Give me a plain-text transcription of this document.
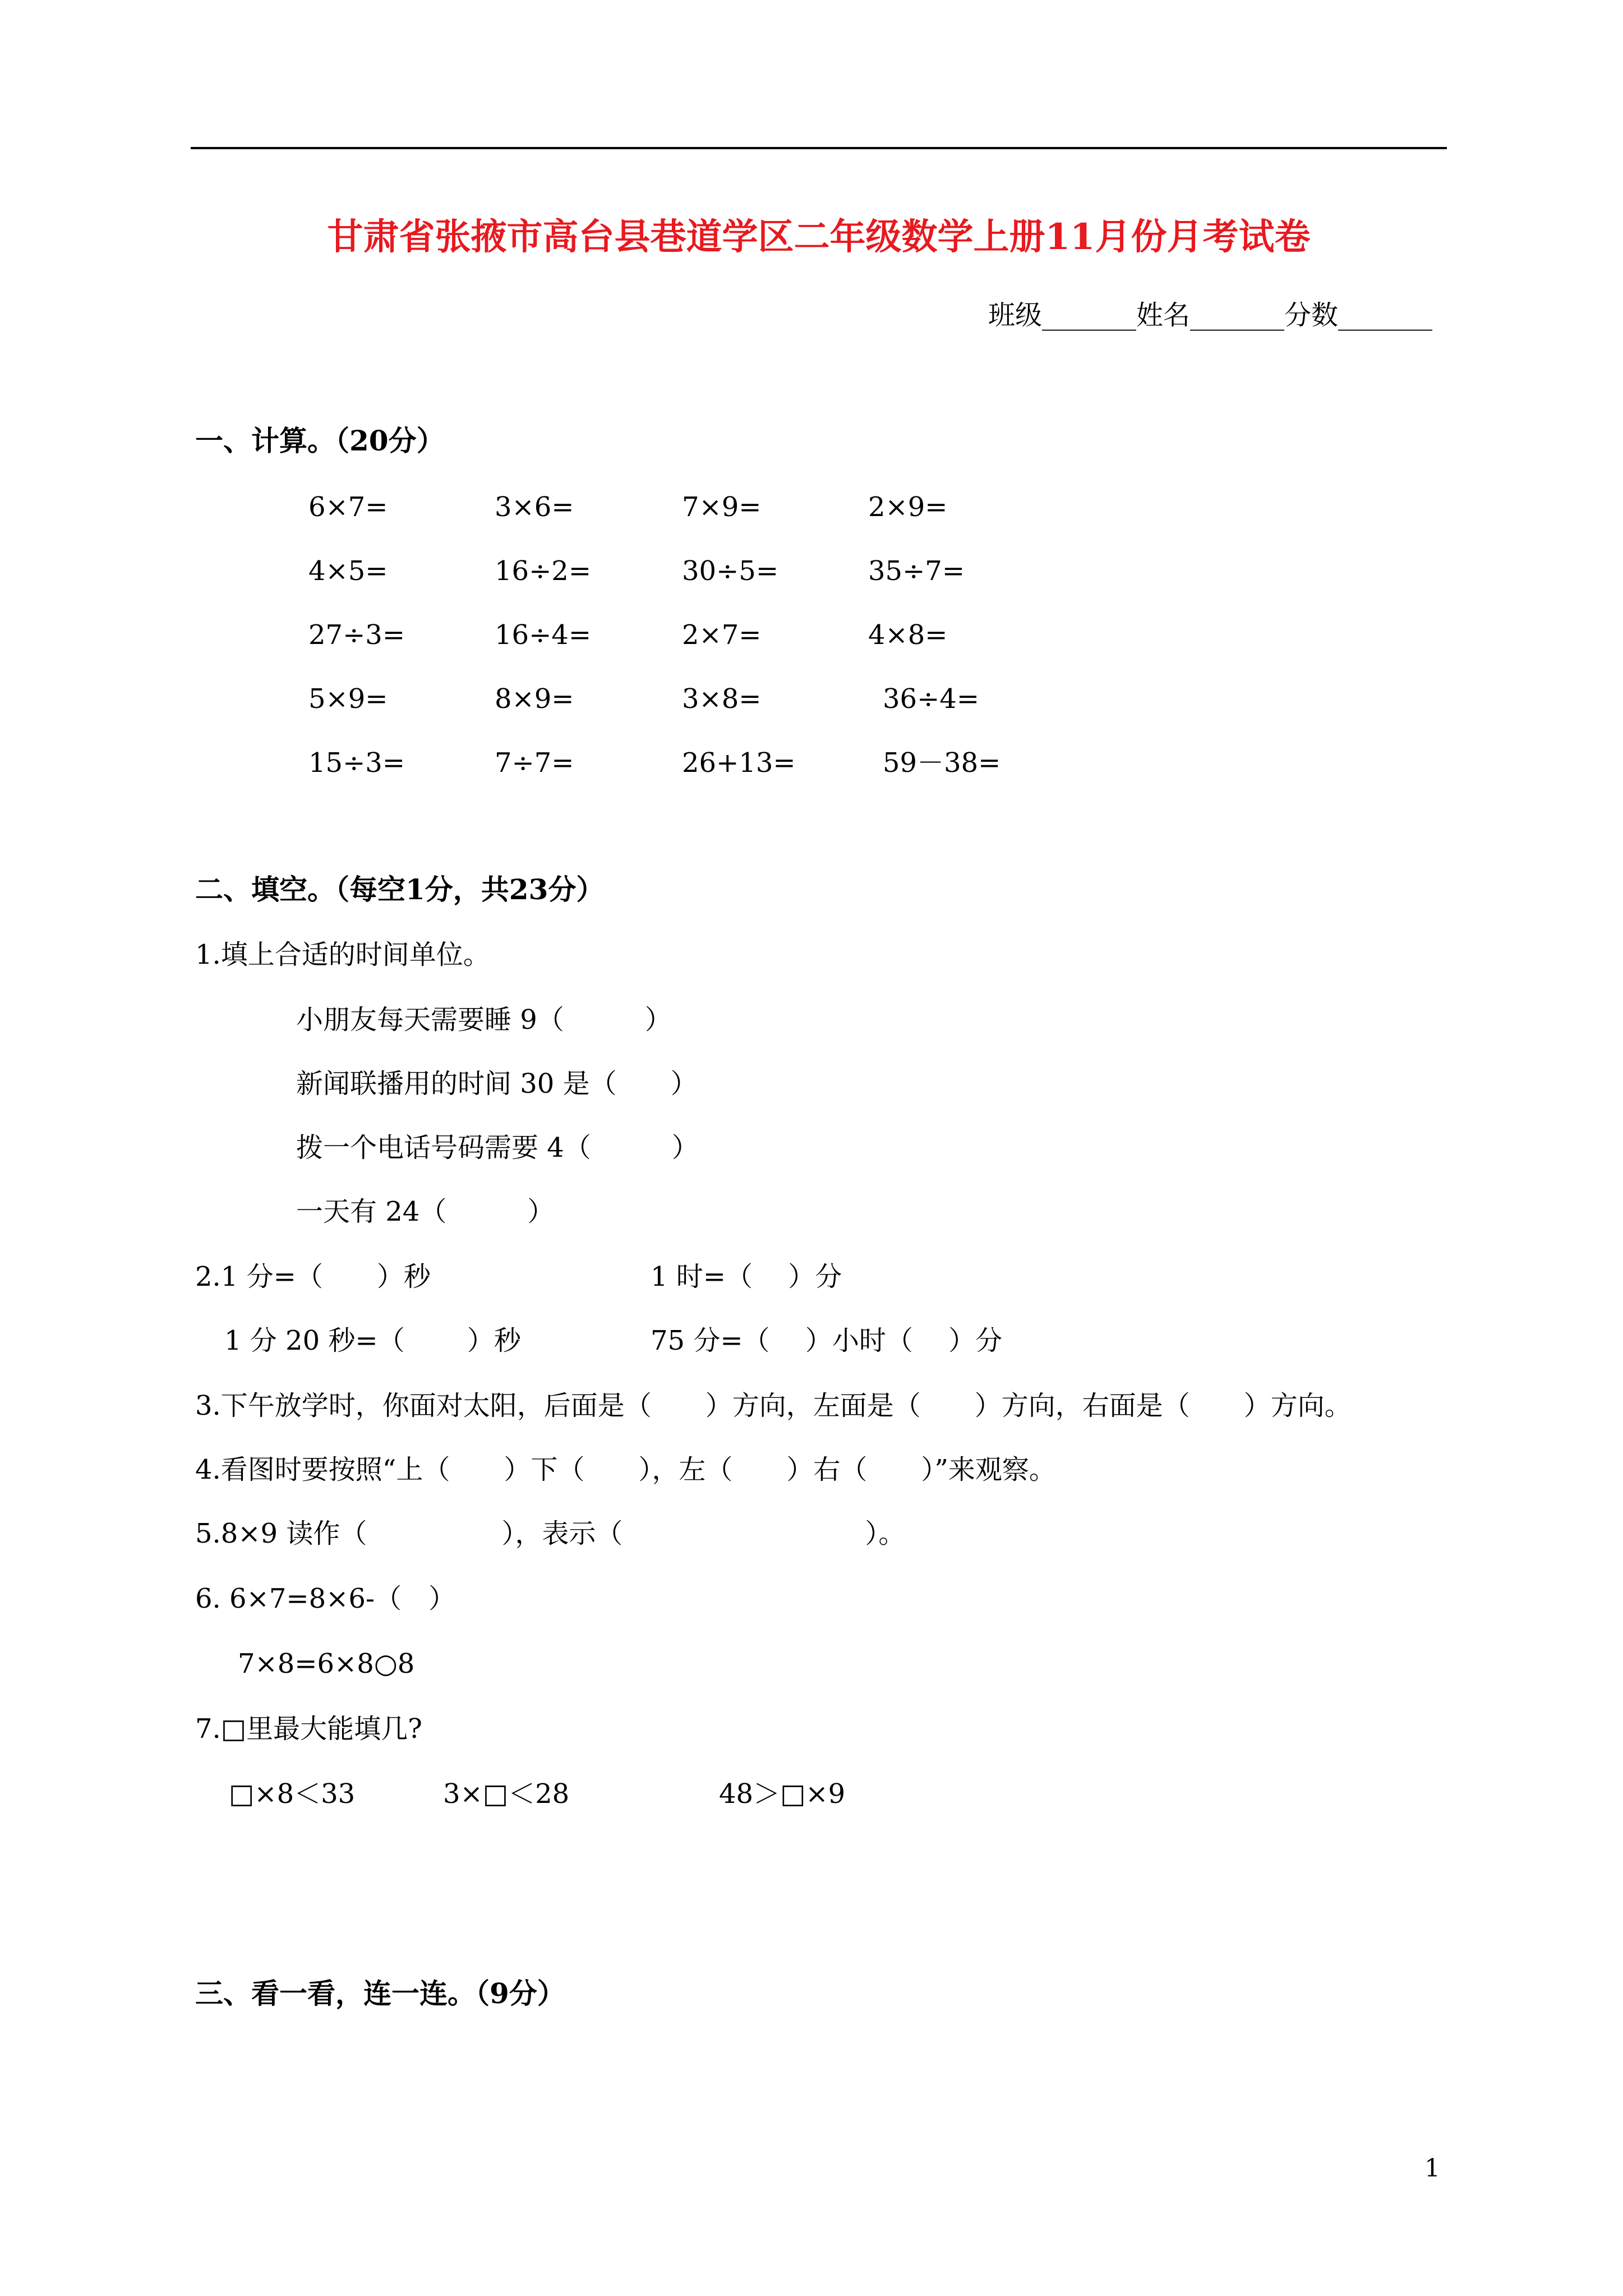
甘肃省张掖市高台县巷道学区二年级数学上册11月份月考试卷
班级_______姓名_______分数_______
一、计算。（20分）
6×7=	3×6=	7×9=	2×9=
4×5=	16÷2=	30÷5=	35÷7=
27÷3=	16÷4=	2×7=	4×8=
5×9=	8×9=	3×8=	36÷4=
15÷3=	7÷7=	26+13=	59－38=
二、填空。（每空1分，共23分）
1.填上合适的时间单位。
小朋友每天需要睡 9（　　　）
新闻联播用的时间 30 是（　　）
拨一个电话号码需要 4（　　　）
一天有 24（　　　）
2.1 分=（　　）秒	1 时=（　 ）分
1 分 20 秒=（　　 ）秒	75 分=（　 ）小时（　 ）分
3.下午放学时，你面对太阳，后面是（　　）方向，左面是（　　）方向，右面是（　　）方向。
4.看图时要按照“上（　　）下（　　），左（　　）右（　　）”来观察。
5.8×9 读作（　　　　　），表示（　　　　　　　　　）。
6. 6×7=8×6-（　）
7×8=6×8○8
7.□里最大能填几?
□×8＜33	3×□＜28	48＞□×9
三、看一看，连一连。（9分）
1
